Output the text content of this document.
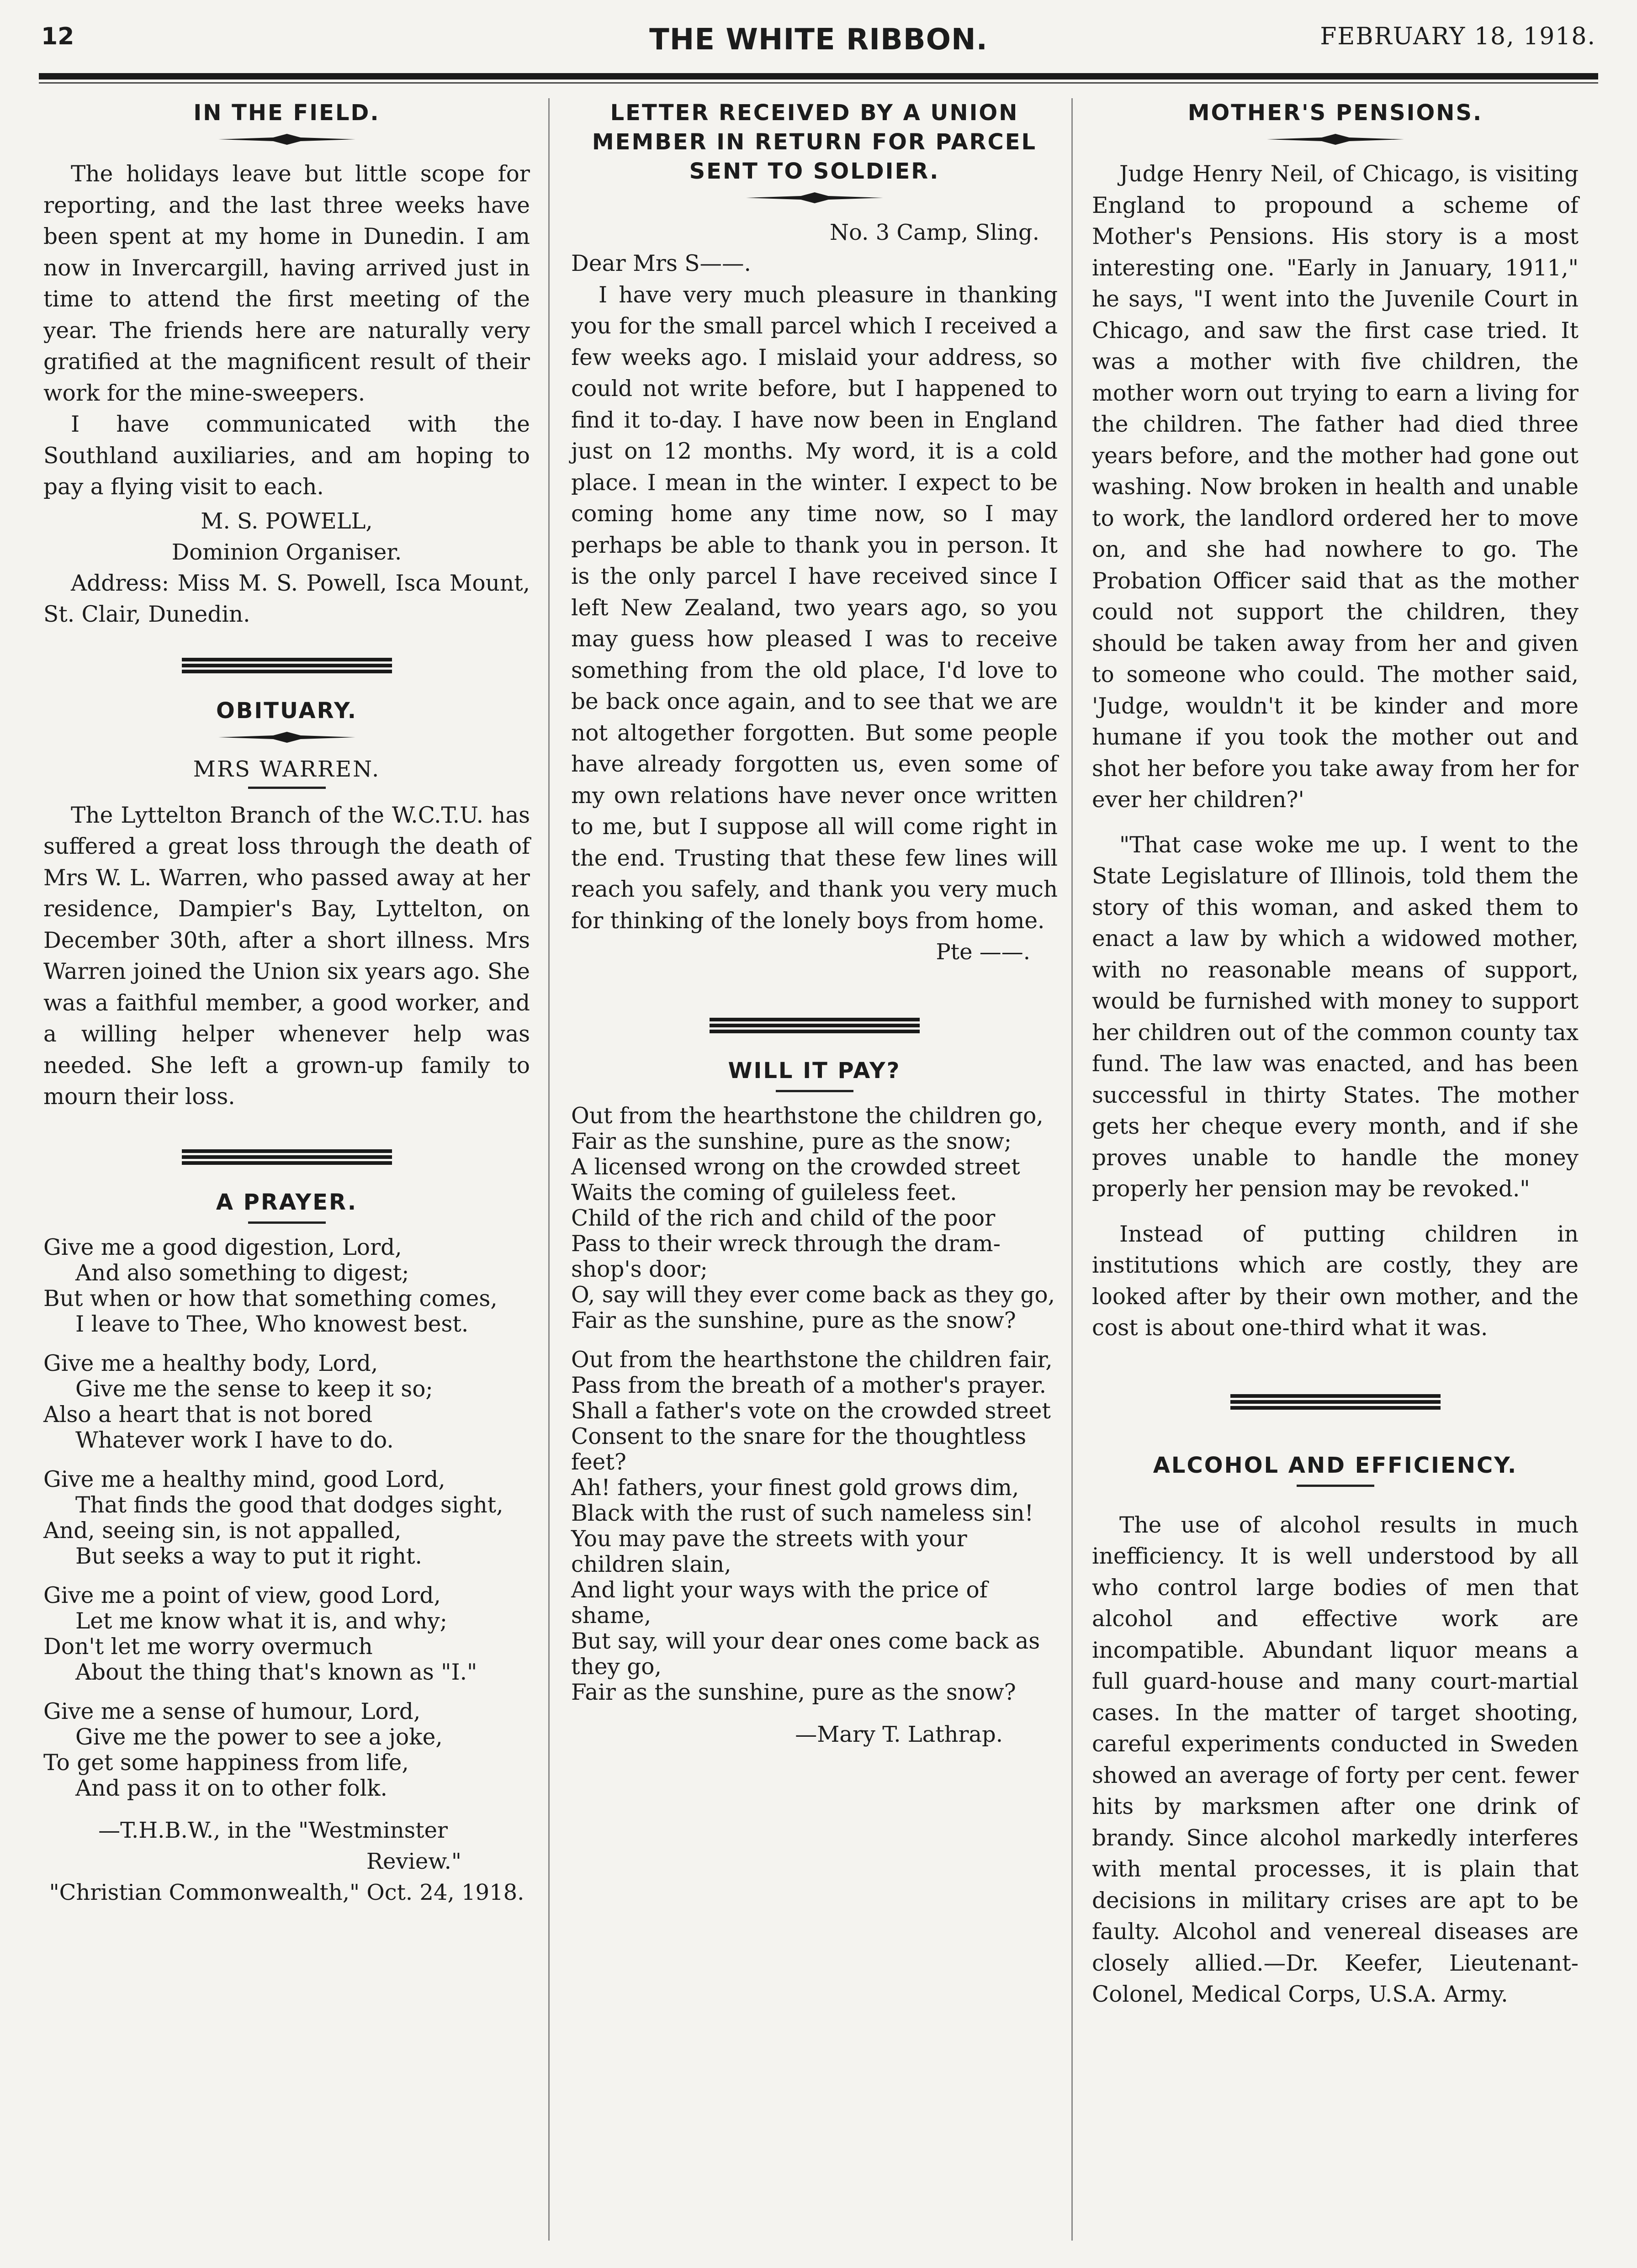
12	THE WHITE RIBBON.	FEBRUARY 18, 1918.
IN THE FIELD.

The holidays leave but little scope for reporting, and the last three weeks have been spent at my home in Dunedin. I am now in Invercargill, having arrived just in time to attend the first meeting of the year. The friends here are naturally very gratified at the magnificent result of their work for the mine-sweepers.

I have communicated with the Southland auxiliaries, and am hoping to pay a flying visit to each.

M. S. POWELL,
Dominion Organiser.

Address: Miss M. S. Powell, Isca Mount, St. Clair, Dunedin.

OBITUARY.
MRS WARREN.

The Lyttelton Branch of the W.C.T.U. has suffered a great loss through the death of Mrs W. L. Warren, who passed away at her residence, Dampier's Bay, Lyttelton, on December 30th, after a short illness. Mrs Warren joined the Union six years ago. She was a faithful member, a good worker, and a willing helper whenever help was needed. She left a grown-up family to mourn their loss.

A PRAYER.
Give me a good digestion, Lord,
And also something to digest;
But when or how that something comes,
I leave to Thee, Who knowest best.
Give me a healthy body, Lord,
Give me the sense to keep it so;
Also a heart that is not bored
Whatever work I have to do.
Give me a healthy mind, good Lord,
That finds the good that dodges sight,
And, seeing sin, is not appalled,
But seeks a way to put it right.
Give me a point of view, good Lord,
Let me know what it is, and why;
Don't let me worry overmuch
About the thing that's known as "I."
Give me a sense of humour, Lord,
Give me the power to see a joke,
To get some happiness from life,
And pass it on to other folk.
—T.H.B.W., in the "Westminster
Review."
"Christian Commonwealth," Oct. 24, 1918.
LETTER RECEIVED BY A UNION MEMBER IN RETURN FOR PARCEL SENT TO SOLDIER.
No. 3 Camp, Sling.

Dear Mrs S——.

I have very much pleasure in thanking you for the small parcel which I received a few weeks ago. I mislaid your address, so could not write before, but I happened to find it to-day. I have now been in England just on 12 months. My word, it is a cold place. I mean in the winter. I expect to be coming home any time now, so I may perhaps be able to thank you in person. It is the only parcel I have received since I left New Zealand, two years ago, so you may guess how pleased I was to receive something from the old place, I'd love to be back once again, and to see that we are not altogether forgotten. But some people have already forgotten us, even some of my own relations have never once written to me, but I suppose all will come right in the end. Trusting that these few lines will reach you safely, and thank you very much for thinking of the lonely boys from home.

Pte ——.
WILL IT PAY?
Out from the hearthstone the children go,
Fair as the sunshine, pure as the snow;
A licensed wrong on the crowded street
Waits the coming of guileless feet.
Child of the rich and child of the poor
Pass to their wreck through the dram-shop's door;
O, say will they ever come back as they go,
Fair as the sunshine, pure as the snow?
Out from the hearthstone the children fair,
Pass from the breath of a mother's prayer.
Shall a father's vote on the crowded street
Consent to the snare for the thoughtless feet?
Ah! fathers, your finest gold grows dim,
Black with the rust of such nameless sin!
You may pave the streets with your children slain,
And light your ways with the price of shame,
But say, will your dear ones come back as they go,
Fair as the sunshine, pure as the snow?
—Mary T. Lathrap.
MOTHER'S PENSIONS.

Judge Henry Neil, of Chicago, is visiting England to propound a scheme of Mother's Pensions. His story is a most interesting one. "Early in January, 1911," he says, "I went into the Juvenile Court in Chicago, and saw the first case tried. It was a mother with five children, the mother worn out trying to earn a living for the children. The father had died three years before, and the mother had gone out washing. Now broken in health and unable to work, the landlord ordered her to move on, and she had nowhere to go. The Probation Officer said that as the mother could not support the children, they should be taken away from her and given to someone who could. The mother said, 'Judge, wouldn't it be kinder and more humane if you took the mother out and shot her before you take away from her for ever her children?'

"That case woke me up. I went to the State Legislature of Illinois, told them the story of this woman, and asked them to enact a law by which a widowed mother, with no reasonable means of support, would be furnished with money to support her children out of the common county tax fund. The law was enacted, and has been successful in thirty States. The mother gets her cheque every month, and if she proves unable to handle the money properly her pension may be revoked."

Instead of putting children in institutions which are costly, they are looked after by their own mother, and the cost is about one-third what it was.

ALCOHOL AND EFFICIENCY.

The use of alcohol results in much inefficiency. It is well understood by all who control large bodies of men that alcohol and effective work are incompatible. Abundant liquor means a full guard-house and many court-martial cases. In the matter of target shooting, careful experiments conducted in Sweden showed an average of forty per cent. fewer hits by marksmen after one drink of brandy. Since alcohol markedly interferes with mental processes, it is plain that decisions in military crises are apt to be faulty. Alcohol and venereal diseases are closely allied.—Dr. Keefer, Lieutenant-Colonel, Medical Corps, U.S.A. Army.
